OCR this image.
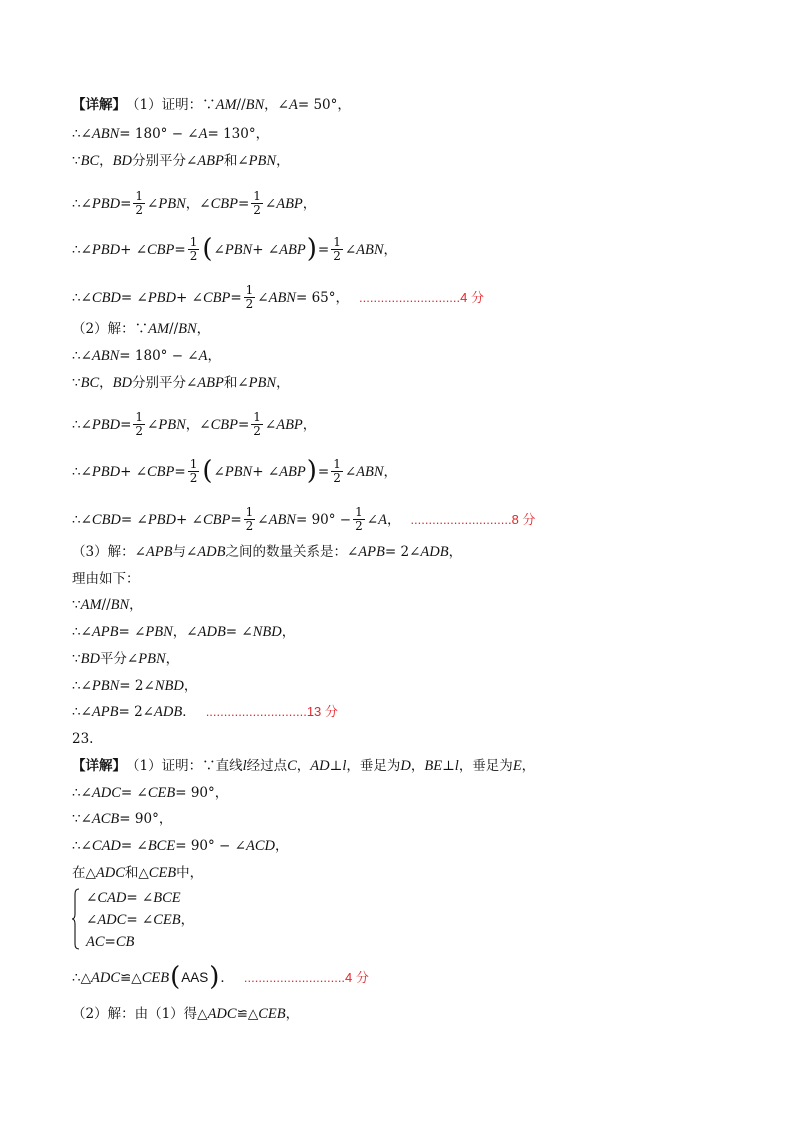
【详解】 （1）证明：∵ AM // BN ，∠ A = 50°，
∴∠ ABN = 180° − ∠ A = 130°，
∵ BC ， BD 分别平分∠ ABP 和∠ PBN ，
∴∠ PBD = $\frac{1}{2}$ ∠ PBN ，∠ CBP = $\frac{1}{2}$ ∠ ABP ，
∴∠ PBD + ∠ CBP = $\frac{1}{2}$ ( ∠ PBN + ∠ ABP ) = $\frac{1}{2}$ ∠ ABN ，
∴∠ CBD = ∠ PBD + ∠ CBP = $\frac{1}{2}$ ∠ ABN = 65°， ............................4 分
（2）解：∵ AM // BN ，
∴∠ ABN = 180° − ∠ A ，
∵ BC ， BD 分别平分∠ ABP 和∠ PBN ，
∴∠ PBD = $\frac{1}{2}$ ∠ PBN ，∠ CBP = $\frac{1}{2}$ ∠ ABP ，
∴∠ PBD + ∠ CBP = $\frac{1}{2}$ ( ∠ PBN + ∠ ABP ) = $\frac{1}{2}$ ∠ ABN ，
∴∠ CBD = ∠ PBD + ∠ CBP = $\frac{1}{2}$ ∠ ABN = $90^\circ - \frac{1}{2}$ ∠ A ， ............................8 分
（3）解：∠ APB 与∠ ADB 之间的数量关系是：∠ APB = 2∠ ADB ，
理由如下：
∵ AM // BN ，
∴∠ APB = ∠ PBN ，∠ ADB = ∠ NBD ，
∵ BD 平分∠ PBN ，
∴∠ PBN = 2∠ NBD ，
∴∠ APB = 2∠ ADB ． ............................13 分
23.
【详解】 （1）证明：∵直线 l 经过点 C ， AD ⊥ l ，垂足为 D ， BE ⊥ l ，垂足为 E ，
∴∠ ADC = ∠ CEB = 90°，
∵∠ ACB = 90°，
∴∠ CAD = ∠ BCE = 90° − ∠ ACD ，
在△ ADC 和△ CEB 中，
∠ CAD = ∠ BCE
∠ ADC = ∠ CEB ，
AC = CB
∴△ ADC ≌△ CEB ( AAS ) ． ............................4 分
（2）解：由（1）得△ ADC ≌△ CEB ，
